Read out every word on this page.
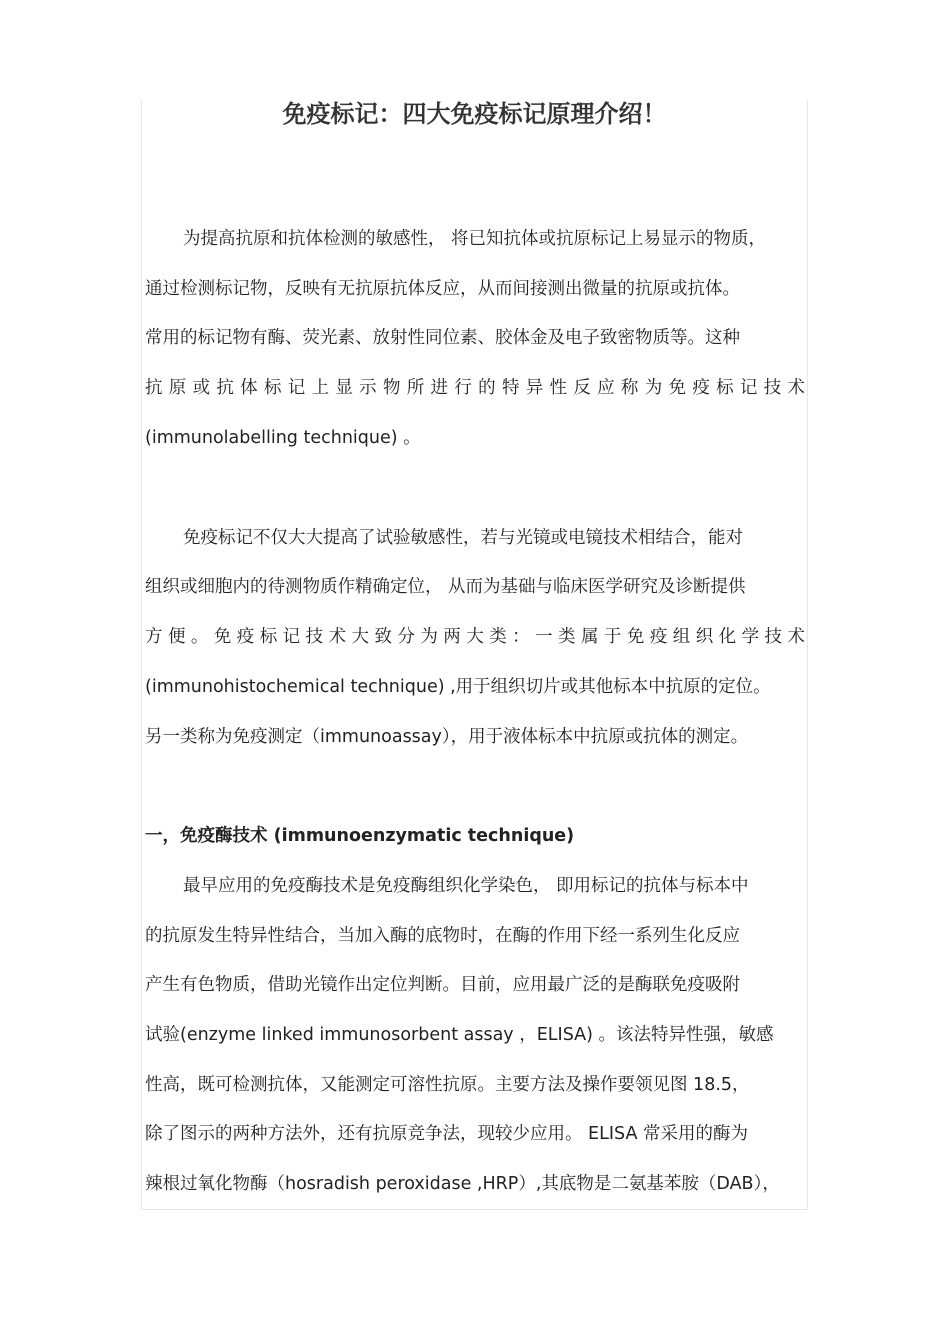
免疫标记：四大免疫标记原理介绍！
为提高抗原和抗体检测的敏感性， 将已知抗体或抗原标记上易显示的物质，
通过检测标记物，反映有无抗原抗体反应，从而间接测出微量的抗原或抗体。
常用的标记物有酶、荧光素、放射性同位素、胶体金及电子致密物质等。这种
抗原或抗体标记上显示物所进行的特异性反应称为免疫标记技术
(immunolabelling technique) 。
免疫标记不仅大大提高了试验敏感性，若与光镜或电镜技术相结合，能对
组织或细胞内的待测物质作精确定位， 从而为基础与临床医学研究及诊断提供
方便。免疫标记技术大致分为两大类：一类属于免疫组织化学技术
(immunohistochemical technique) ,用于组织切片或其他标本中抗原的定位。
另一类称为免疫测定（immunoassay），用于液体标本中抗原或抗体的测定。
一，免疫酶技术 (immunoenzymatic technique)
最早应用的免疫酶技术是免疫酶组织化学染色， 即用标记的抗体与标本中
的抗原发生特异性结合，当加入酶的底物时，在酶的作用下经一系列生化反应
产生有色物质，借助光镜作出定位判断。目前，应用最广泛的是酶联免疫吸附
试验(enzyme linked immunosorbent assay ，ELISA) 。该法特异性强，敏感
性高，既可检测抗体，又能测定可溶性抗原。主要方法及操作要领见图 18.5，
除了图示的两种方法外，还有抗原竞争法，现较少应用。 ELISA 常采用的酶为
辣根过氧化物酶（hosradish peroxidase ,HRP）,其底物是二氨基苯胺（DAB），
